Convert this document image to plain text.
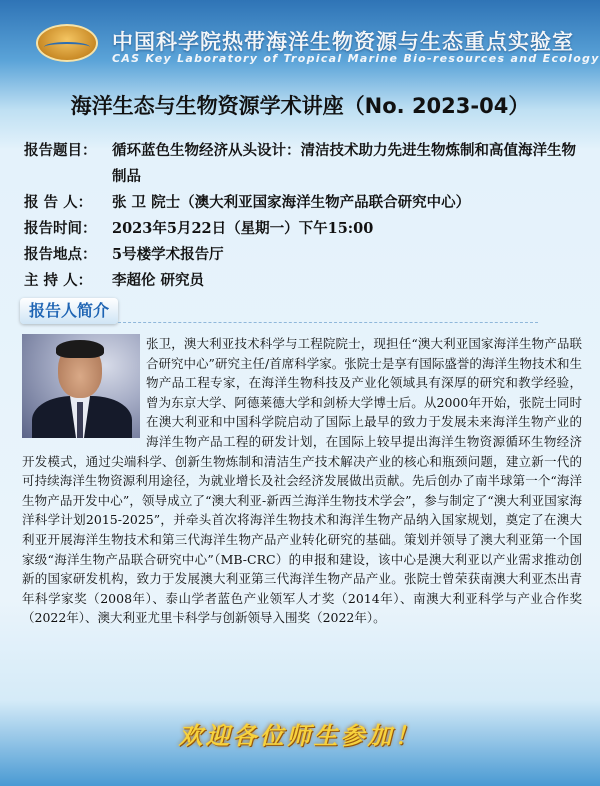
中国科学院热带海洋生物资源与生态重点实验室
CAS Key Laboratory of Tropical Marine Bio-resources and Ecology
海洋生态与生物资源学术讲座（No. 2023-04）
报告题目：	循环蓝色生物经济从头设计：清洁技术助力先进生物炼制和高值海洋生物制品
报 告 人：	张 卫 院士（澳大利亚国家海洋生物产品联合研究中心）
报告时间：	2023年5月22日（星期一）下午15:00
报告地点：	5号楼学术报告厅
主 持 人：	李超伦 研究员
报告人简介
张卫，澳大利亚技术科学与工程院院士，现担任“澳大利亚国家海洋生物产品联合研究中心”研究主任/首席科学家。张院士是享有国际盛誉的海洋生物技术和生物产品工程专家，在海洋生物科技及产业化领域具有深厚的研究和教学经验，曾为东京大学、阿德莱德大学和剑桥大学博士后。从2000年开始，张院士同时在澳大利亚和中国科学院启动了国际上最早的致力于发展未来海洋生物产业的海洋生物产品工程的研发计划，在国际上较早提出海洋生物资源循环生物经济开发模式，通过尖端科学、创新生物炼制和清洁生产技术解决产业的核心和瓶颈问题，建立新一代的可持续海洋生物资源利用途径，为就业增长及社会经济发展做出贡献。先后创办了南半球第一个“海洋生物产品开发中心”，领导成立了“澳大利亚-新西兰海洋生物技术学会”，参与制定了“澳大利亚国家海洋科学计划2015-2025”，并牵头首次将海洋生物技术和海洋生物产品纳入国家规划，奠定了在澳大利亚开展海洋生物技术和第三代海洋生物产品产业转化研究的基础。策划并领导了澳大利亚第一个国家级“海洋生物产品联合研究中心”（MB-CRC）的申报和建设，该中心是澳大利亚以产业需求推动创新的国家研发机构，致力于发展澳大利亚第三代海洋生物产品产业。张院士曾荣获南澳大利亚杰出青年科学家奖（2008年）、泰山学者蓝色产业领军人才奖（2014年）、南澳大利亚科学与产业合作奖（2022年）、澳大利亚尤里卡科学与创新领导入围奖（2022年）。
欢迎各位师生参加！
